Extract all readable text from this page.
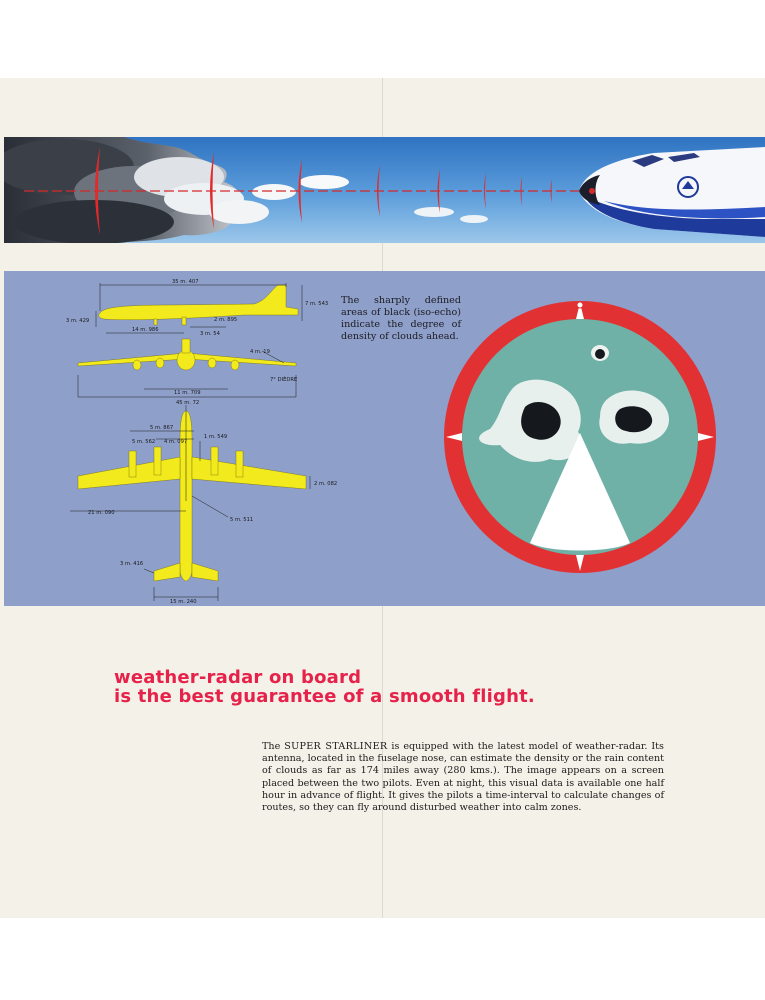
35 m. 407
7 m. 543
3 m. 429
14 m. 986
2 m. 895
3 m. 54
4 m. 19
7° DIÈDRE
11 m. 709
45 m. 72
5 m. 867
5 m. 562 4 m. 097
1 m. 549
2 m. 082
21 m. 090
5 m. 511
3 m. 416
15 m. 240
The sharply defined areas of black (iso-echo) indicate the degree of density of clouds ahead.
weather-radar on board
is the best guarantee of a smooth flight.
The SUPER STARLINER is equipped with the latest model of weather-radar. Its antenna, located in the fuselage nose, can estimate the density or the rain content of clouds as far as 174 miles away (280 kms.). The image appears on a screen placed between the two pilots. Even at night, this visual data is available one half hour in advance of flight. It gives the pilots a time-interval to calculate changes of routes, so they can fly around disturbed weather into calm zones.
